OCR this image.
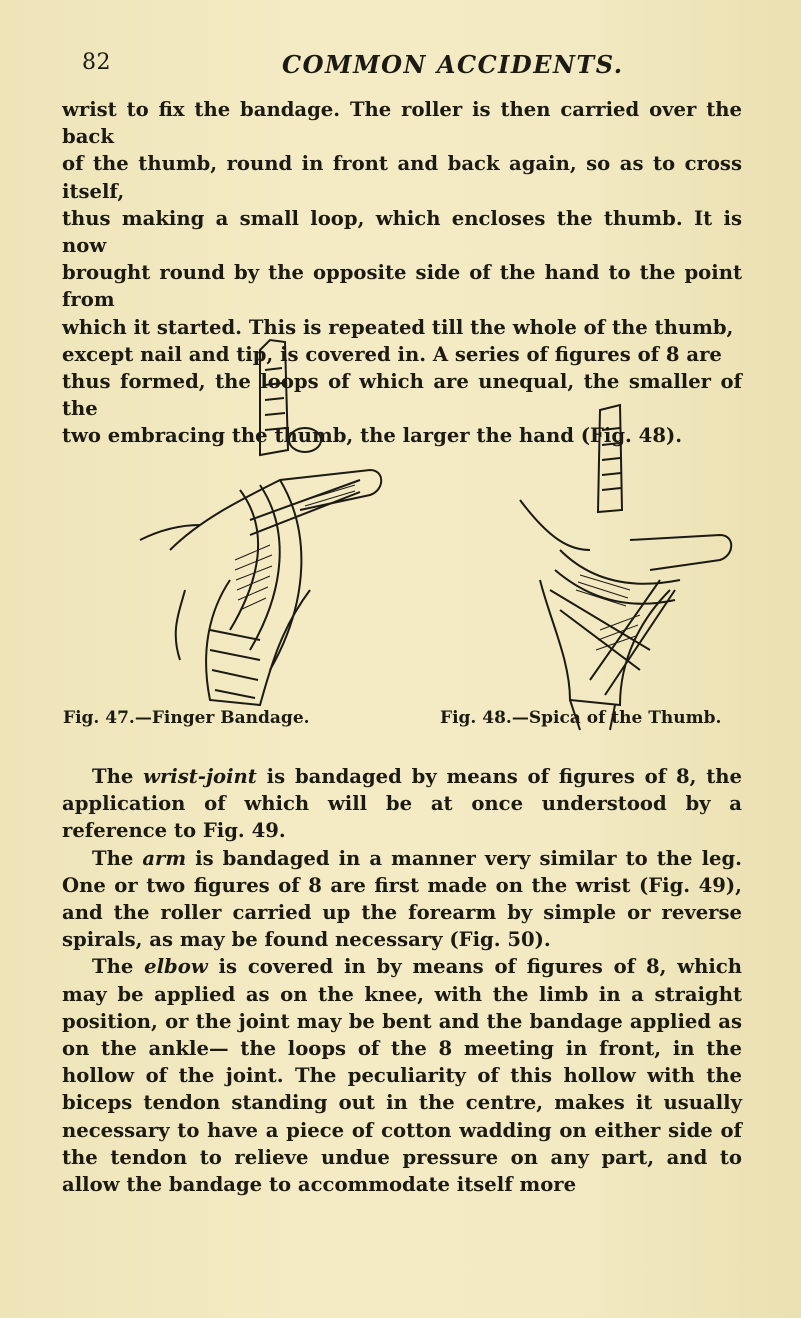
82	COMMON ACCIDENTS.

wrist to fix the bandage. The roller is then carried over the back

of the thumb, round in front and back again, so as to cross itself,

thus making a small loop, which encloses the thumb. It is now

brought round by the opposite side of the hand to the point from

which it started. This is repeated till the whole of the thumb,

except nail and tip, is covered in. A series of figures of 8 are

thus formed, the loops of which are unequal, the smaller of the

two embracing the thumb, the larger the hand (Fig. 48).

Fig. 47.—Finger Bandage.	Fig. 48.—Spica of the Thumb.

The wrist-joint is bandaged by means of figures of 8, the application of which will be at once understood by a reference to Fig. 49.

The arm is bandaged in a manner very similar to the leg. One or two figures of 8 are first made on the wrist (Fig. 49), and the roller carried up the forearm by simple or reverse spirals, as may be found necessary (Fig. 50).

The elbow is covered in by means of figures of 8, which may be applied as on the knee, with the limb in a straight position, or the joint may be bent and the bandage applied as on the ankle— the loops of the 8 meeting in front, in the hollow of the joint. The peculiarity of this hollow with the biceps tendon standing out in the centre, makes it usually necessary to have a piece of cotton wadding on either side of the tendon to relieve undue pressure on any part, and to allow the bandage to accommodate itself more
